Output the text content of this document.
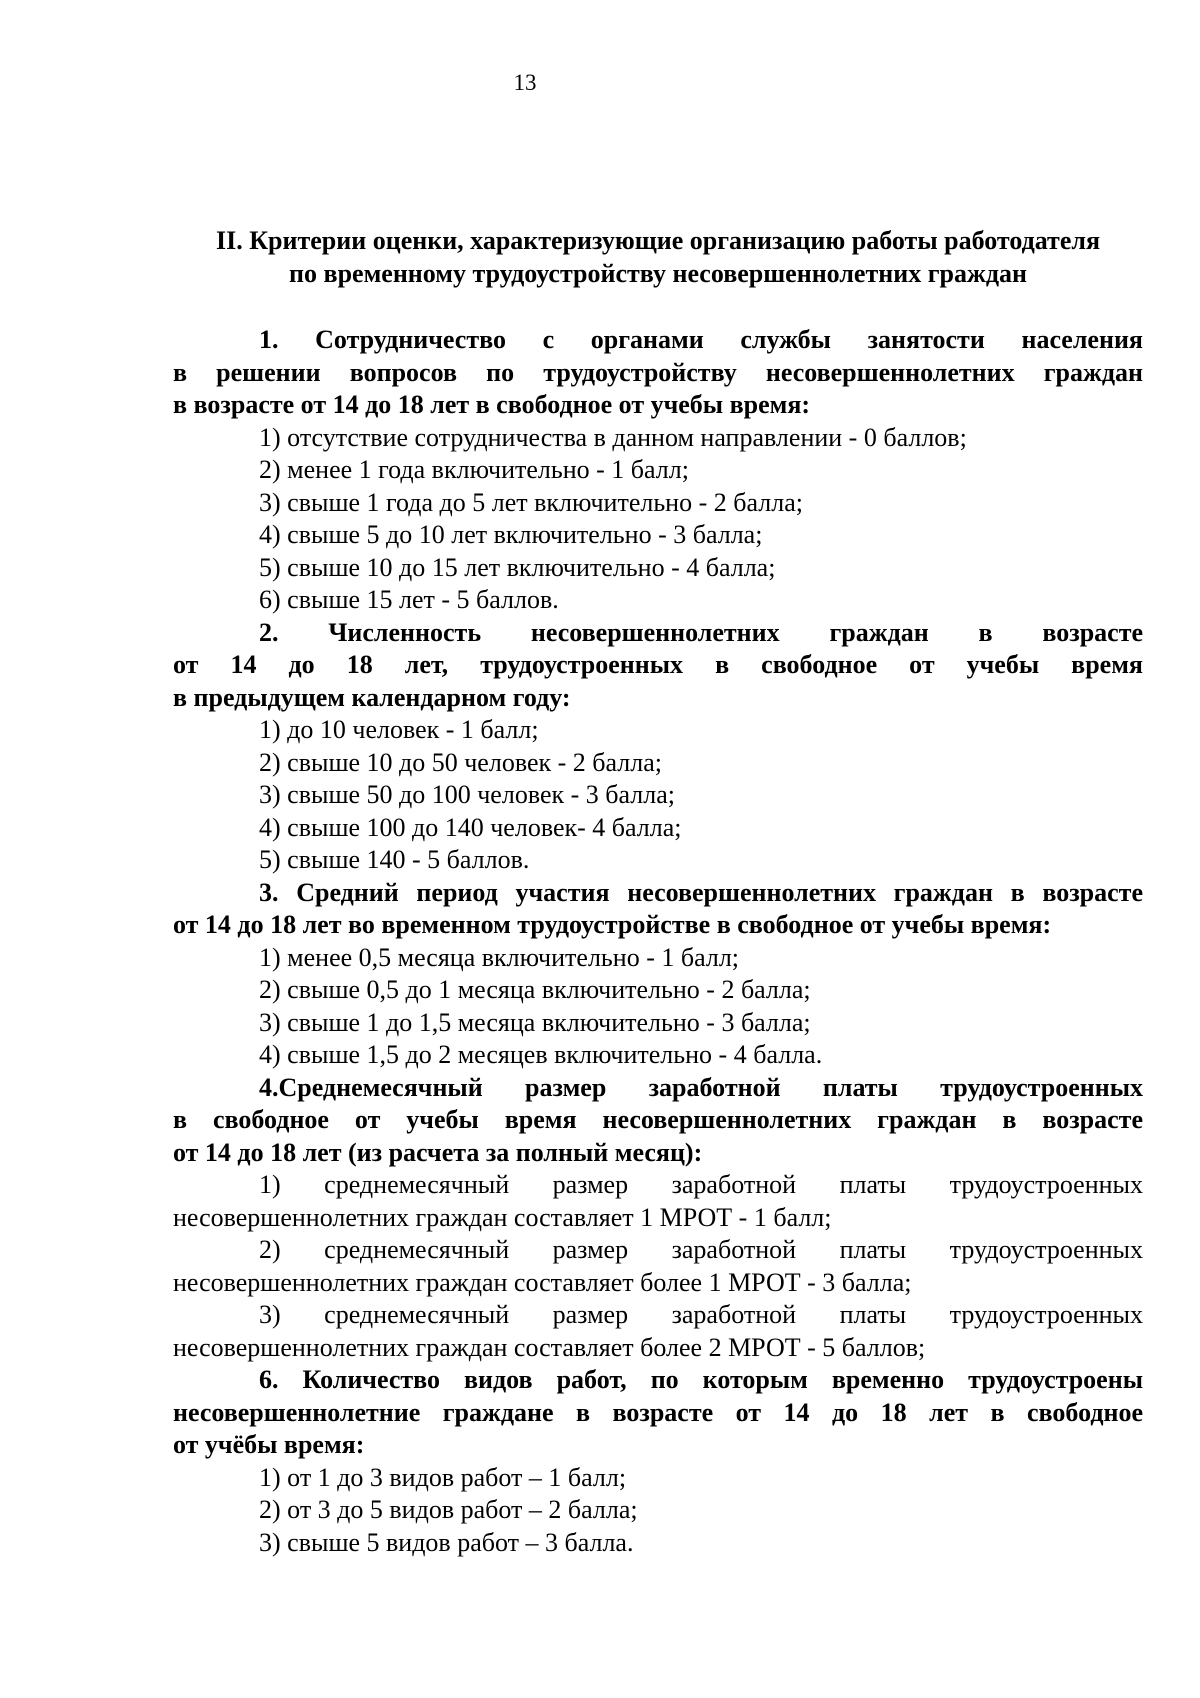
13
II. Критерии оценки, характеризующие организацию работы работодателя
по временному трудоустройству несовершеннолетних граждан

1. Сотрудничество с органами службы занятости населения

в решении вопросов по трудоустройству несовершеннолетних граждан
в возрасте от 14 до 18 лет в свободное от учебы время:

1) отсутствие сотрудничества в данном направлении - 0 баллов;

2) менее 1 года включительно - 1 балл;

3) свыше 1 года до 5 лет включительно - 2 балла;

4) свыше 5 до 10 лет включительно - 3 балла;

5) свыше 10 до 15 лет включительно - 4 балла;

6) свыше 15 лет - 5 баллов.

2. Численность несовершеннолетних граждан в возрасте

от 14 до 18 лет, трудоустроенных в свободное от учебы время
в предыдущем календарном году:

1) до 10 человек - 1 балл;

2) свыше 10 до 50 человек - 2 балла;

3) свыше 50 до 100 человек - 3 балла;

4) свыше 100 до 140 человек- 4 балла;

5) свыше 140 - 5 баллов.

3. Средний период участия несовершеннолетних граждан в возрасте

от 14 до 18 лет во временном трудоустройстве в свободное от учебы время:

1) менее 0,5 месяца включительно - 1 балл;

2) свыше 0,5 до 1 месяца включительно - 2 балла;

3) свыше 1 до 1,5 месяца включительно - 3 балла;

4) свыше 1,5 до 2 месяцев включительно - 4 балла.

4.Среднемесячный размер заработной платы трудоустроенных

в свободное от учебы время несовершеннолетних граждан в возрасте
от 14 до 18 лет (из расчета за полный месяц):

1) среднемесячный размер заработной платы трудоустроенных

несовершеннолетних граждан составляет 1 МРОТ - 1 балл;

2) среднемесячный размер заработной платы трудоустроенных

несовершеннолетних граждан составляет более 1 МРОТ - 3 балла;

3) среднемесячный размер заработной платы трудоустроенных

несовершеннолетних граждан составляет более 2 МРОТ - 5 баллов;

6. Количество видов работ, по которым временно трудоустроены

несовершеннолетние граждане в возрасте от 14 до 18 лет в свободное
от учёбы время:

1) от 1 до 3 видов работ – 1 балл;

2) от 3 до 5 видов работ – 2 балла;

3) свыше 5 видов работ – 3 балла.
